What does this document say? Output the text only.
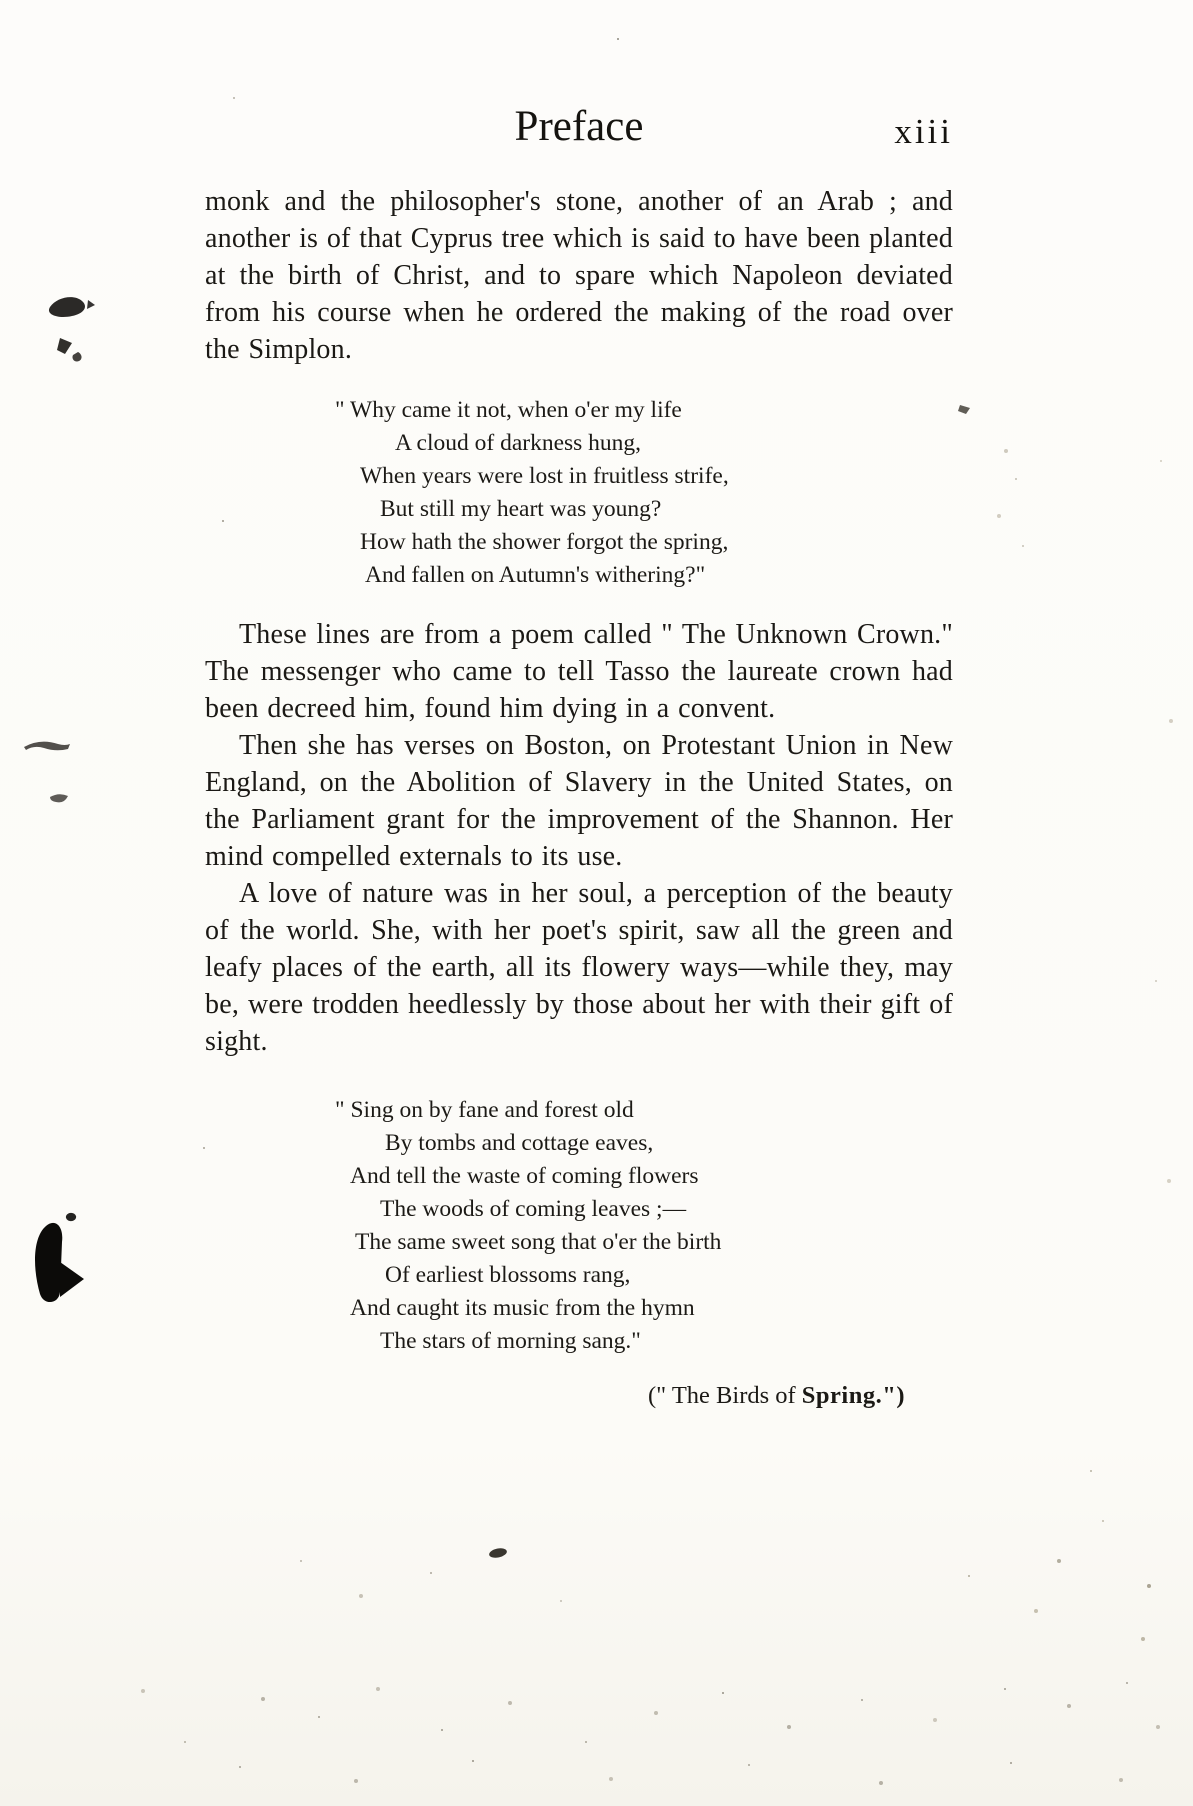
Preface	xiii

monk and the philosopher's stone, another of an Arab ; and another is of that Cyprus tree which is said to have been planted at the birth of Christ, and to spare which Napoleon deviated from his course when he ordered the making of the road over the Simplon.

" Why came it not, when o'er my life
A cloud of darkness hung,
When years were lost in fruitless strife,
But still my heart was young?
How hath the shower forgot the spring,
And fallen on Autumn's withering?"

These lines are from a poem called " The Unknown Crown." The messenger who came to tell Tasso the laureate crown had been decreed him, found him dying in a convent.

Then she has verses on Boston, on Protestant Union in New England, on the Abolition of Slavery in the United States, on the Parliament grant for the improvement of the Shannon. Her mind compelled externals to its use.

A love of nature was in her soul, a perception of the beauty of the world. She, with her poet's spirit, saw all the green and leafy places of the earth, all its flowery ways—while they, may be, were trodden heedlessly by those about her with their gift of sight.

" Sing on by fane and forest old
By tombs and cottage eaves,
And tell the waste of coming flowers
The woods of coming leaves ;—
The same sweet song that o'er the birth
Of earliest blossoms rang,
And caught its music from the hymn
The stars of morning sang."
(" The Birds of Spring.")
